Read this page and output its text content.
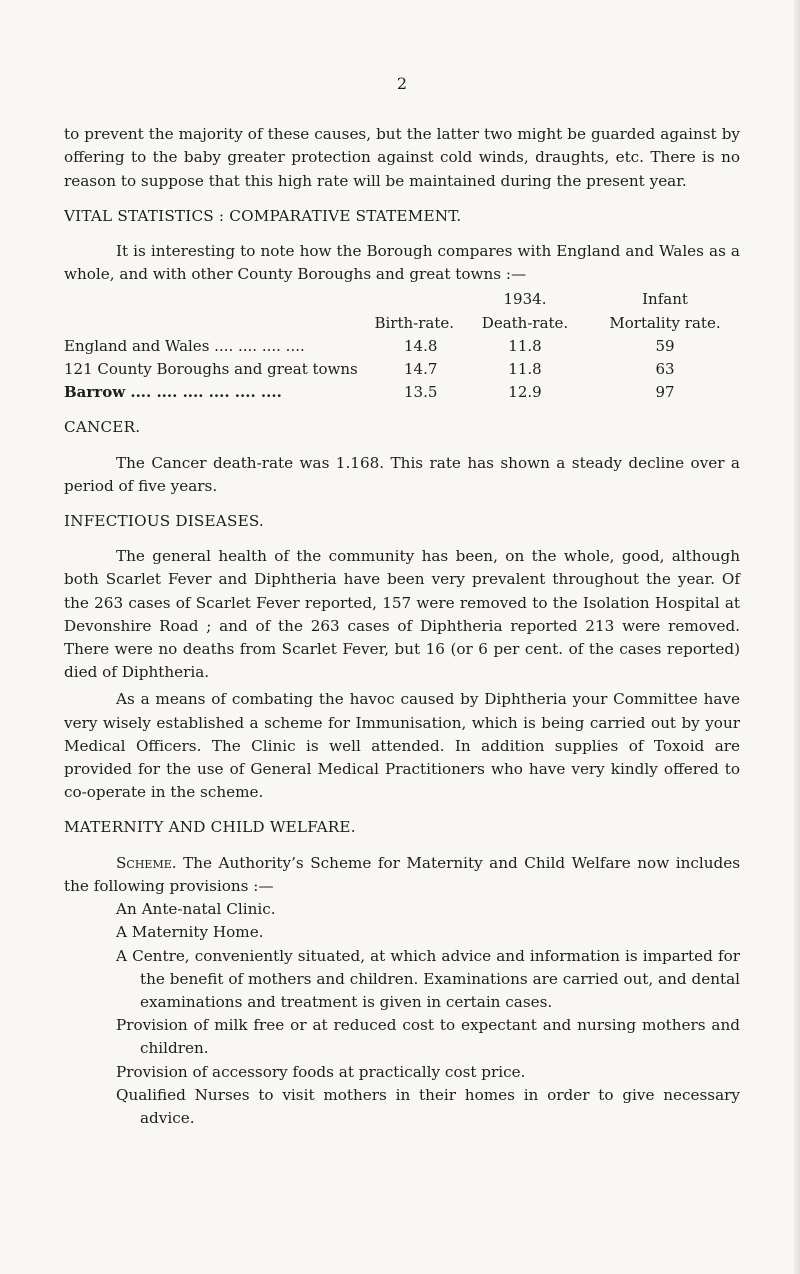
2

to prevent the majority of these causes, but the latter two might be guarded against by offering to the baby greater protection against cold winds, draughts, etc. There is no reason to suppose that this high rate will be maintained during the present year.

VITAL STATISTICS : COMPARATIVE STATEMENT.

It is interesting to note how the Borough compares with England and Wales as a whole, and with other County Boroughs and great towns :—

		1934.	Infant
Birth-rate.		Death-rate.	Mortality rate.
England and Wales .... .... .... ....	14.8	11.8	59
121 County Boroughs and great towns	14.7	11.8	63
Barrow .... .... .... .... .... ....	13.5	12.9	97
CANCER.

The Cancer death-rate was 1.168. This rate has shown a steady decline over a period of five years.

INFECTIOUS DISEASES.

The general health of the community has been, on the whole, good, although both Scarlet Fever and Diphtheria have been very prevalent throughout the year. Of the 263 cases of Scarlet Fever reported, 157 were removed to the Isolation Hospital at Devonshire Road ; and of the 263 cases of Diphtheria reported 213 were removed. There were no deaths from Scarlet Fever, but 16 (or 6 per cent. of the cases reported) died of Diphtheria.

As a means of combating the havoc caused by Diphtheria your Committee have very wisely established a scheme for Immunisation, which is being carried out by your Medical Officers. The Clinic is well attended. In addition supplies of Toxoid are provided for the use of General Medical Practitioners who have very kindly offered to co-operate in the scheme.

MATERNITY AND CHILD WELFARE.

Scheme. The Authority’s Scheme for Maternity and Child Welfare now includes the following provisions :—

An Ante-natal Clinic.
A Maternity Home.
A Centre, conveniently situated, at which advice and information is imparted for the benefit of mothers and children. Examinations are carried out, and dental examinations and treatment is given in certain cases.
Provision of milk free or at reduced cost to expectant and nursing mothers and children.
Provision of accessory foods at practically cost price.
Qualified Nurses to visit mothers in their homes in order to give necessary advice.
